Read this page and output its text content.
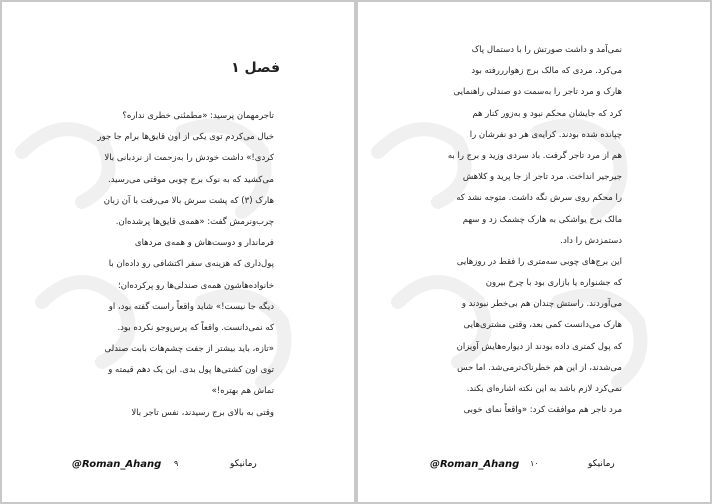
فصل ۱
تاجرمهمان پرسید: «مطمئنی خطری نداره؟
خیال می‌کردم توی یکی از اون قایق‌ها برام جا جور
کردی!» داشت خودش را به‌زحمت از نردبانی بالا
می‌کشید که به نوک برج چوبی موقتی می‌رسید.
هارک (۳) که پشت سرش بالا می‌رفت با آن زبان
چرب‌ونرمش گفت: «همه‌ی قایق‌ها پرشده‌ان.
فرماندار و دوست‌هاش و همه‌ی مردهای
پول‌داری که هزینه‌ی سفر اکتشافی رو داده‌ان با
خانواده‌هاشون همه‌ی صندلی‌ها رو پرکرده‌ان؛
دیگه جا نیست!» شاید واقعاً راست گفته بود، او
که نمی‌دانست. واقعاً که پرس‌وجو نکرده بود.
«تازه، باید بیشتر از جفت چشم‌هات بابت صندلی
توی اون کشتی‌ها پول بدی. این یک دهم قیمته و
تماش هم بهتره!»
وقتی به بالای برج رسیدند، نفس تاجر بالا
@Roman_Ahang ۹	رمانیکو
نمی‌آمد و داشت صورتش را با دستمال پاک
می‌کرد. مردی که مالک برج زهوار‌ررفته بود
هارک و مرد تاجر را به‌سمت دو صندلی راهنمایی
کرد که جایشان محکم نبود و به‌زور کنار هم
چپانده شده بودند. کرایه‌ی هر دو نفرشان را
هم از مرد تاجر گرفت. باد سردی وزید و برج را به
جیرجیر انداخت. مرد تاجر از جا پرید و کلاهش
را محکم روی سرش نگه داشت. متوجه نشد که
مالک برج یواشکی به هارک چشمک زد و سهم
دستمزدش را داد.
این برج‌های چوبی سه‌متری را فقط در روزهایی
که جشنواره یا بازاری بود با چرخ بیرون
می‌آوردند. راستش چندان هم بی‌خطر نبودند و
هارک می‌دانست کمی بعد، وقتی مشتری‌هایی
که پول کمتری داده بودند از دیواره‌هایش آویزان
می‌شدند، از این هم خطرناک‌ترمی‌شد. اما حس
نمی‌کرد لازم باشد به این نکته اشاره‌ای بکند.
مرد تاجر هم موافقت کرد: «واقعاً نمای خوبی
@Roman_Ahang ۱۰	رمانیکو
